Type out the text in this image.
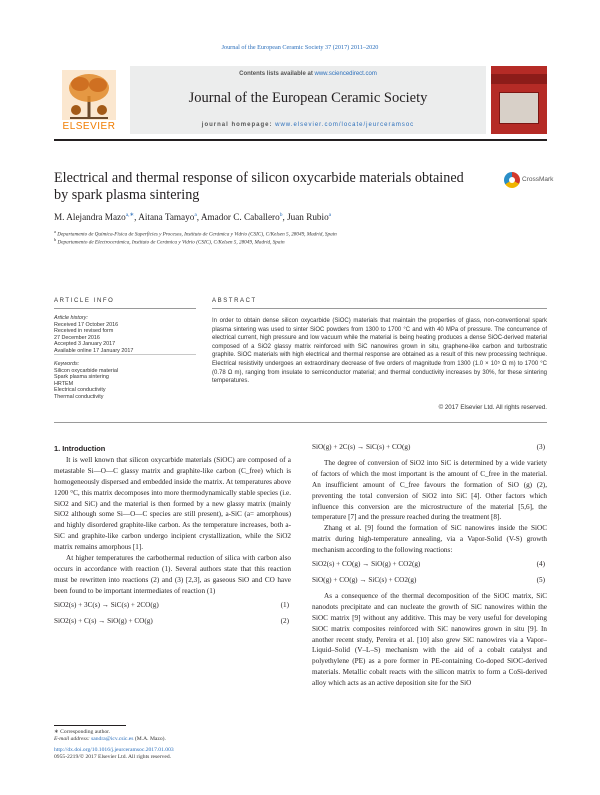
Journal of the European Ceramic Society 37 (2017) 2011–2020
ELSEVIER
Contents lists available at www.sciencedirect.com
Journal of the European Ceramic Society
journal homepage: www.elsevier.com/locate/jeurceramsoc
Electrical and thermal response of silicon oxycarbide materials obtained by spark plasma sintering
CrossMark
M. Alejandra Mazo$^{a,∗}$, Aitana Tamayo$^a$, Amador C. Caballero$^b$, Juan Rubio$^a$
$^a$ Departamento de Química-Física de Superficies y Procesos, Instituto de Cerámica y Vidrio (CSIC), C/Kelsen 5, 28049, Madrid, Spain
$^b$ Departamento de Electrocerámica, Instituto de Cerámica y Vidrio (CSIC), C/Kelsen 5, 28049, Madrid, Spain
ARTICLE INFO	ABSTRACT

Article history:

Received 17 October 2016

Received in revised form

27 December 2016

Accepted 3 January 2017

Available online 17 January 2017

Keywords:

Silicon oxycarbide material

Spark plasma sintering

HRTEM

Electrical conductivity

Thermal conductivity

In order to obtain dense silicon oxycarbide (SiOC) materials that maintain the properties of glass, non-conventional spark plasma sintering was used to sinter SiOC powders from 1300 to 1700 °C and with 40 MPa of pressure. The concurrence of electrical current, high pressure and low vacuum while the material is being heating produces a dense SiOC-derived material composed of a SiO2 glassy matrix reinforced with SiC nanowires grown in situ, graphene-like carbon and turbostratic graphite. SiOC materials with high electrical and thermal response are obtained as a result of this new processing technique. Electrical resistivity undergoes an extraordinary decrease of five orders of magnitude from 1300 (1.0 × 10⁵ Ω m) to 1700 °C (0.78 Ω m), ranging from insulate to semiconductor material; and thermal conductivity increases by 30%, for these sintering temperatures.
© 2017 Elsevier Ltd. All rights reserved.

1. Introduction

It is well known that silicon oxycarbide materials (SiOC) are composed of a metastable Si—O—C glassy matrix and graphite-like carbon (C_free) which is homogeneously dispersed and embedded inside the matrix. At temperatures above 1200 °C, this matrix decomposes into more thermodynamically stable species (i.e. SiO2 and SiC) and the material is then formed by a new glassy matrix (mainly SiO2 although some Si—O—C species are still present), a-SiC (a= amorphous) and highly disordered graphite-like carbon. As the temperature increases, both a-SiC and graphite-like carbon undergo incipient crystallization, while the SiO2 matrix remains amorphous [1].

At higher temperatures the carbothermal reduction of silica with carbon also occurs in accordance with reaction (1). Several authors state that this reaction must be rewritten into reactions (2) and (3) [2,3], as gaseous SiO and CO have been found to be important intermediates of reaction (1)

SiO2(s) + 3C(s) → SiC(s) + 2CO(g)	(1)
SiO2(s) + C(s) → SiO(g) + CO(g)	(2)
SiO(g) + 2C(s) → SiC(s) + CO(g)	(3)

The degree of conversion of SiO2 into SiC is determined by a wide variety of factors of which the most important is the amount of C_free in the material. An insufficient amount of C_free favours the formation of SiO (g) (2), preventing the total conversion of SiO2 into SiC [4]. Other factors which influence this conversion are the microstructure of the material [5,6], the temperature [7] and the pressure reached during the treatment [8].

Zhang et al. [9] found the formation of SiC nanowires inside the SiOC matrix during high-temperature annealing, via a Vapor-Solid (V-S) growth mechanism according to the following reactions:

SiO2(s) + CO(g) → SiO(g) + CO2(g)	(4)
SiO(g) + CO(g) → SiC(s) + CO2(g)	(5)

As a consequence of the thermal decomposition of the SiOC matrix, SiC nanodots precipitate and can nucleate the growth of SiC nanowires within the SiOC matrix [9] without any additive. This may be very useful for developing SiOC matrix composites reinforced with SiC nanowires grown in situ [9]. In another recent study, Pereira et al. [10] also grew SiC nanowires via a Vapor–Liquid–Solid (V–L–S) mechanism with the aid of a cobalt catalyst and polyethylene (PE) as a pore former in PE-containing Co-doped SiOC-derived materials. Metallic cobalt reacts with the silicon matrix to form a CoSi-derived alloy which acts as an active deposition site for the SiO

∗ Corresponding author.
E-mail address: sandra@icv.csic.es (M.A. Mazo).
http://dx.doi.org/10.1016/j.jeurceramsoc.2017.01.003
0955-2219/© 2017 Elsevier Ltd. All rights reserved.
